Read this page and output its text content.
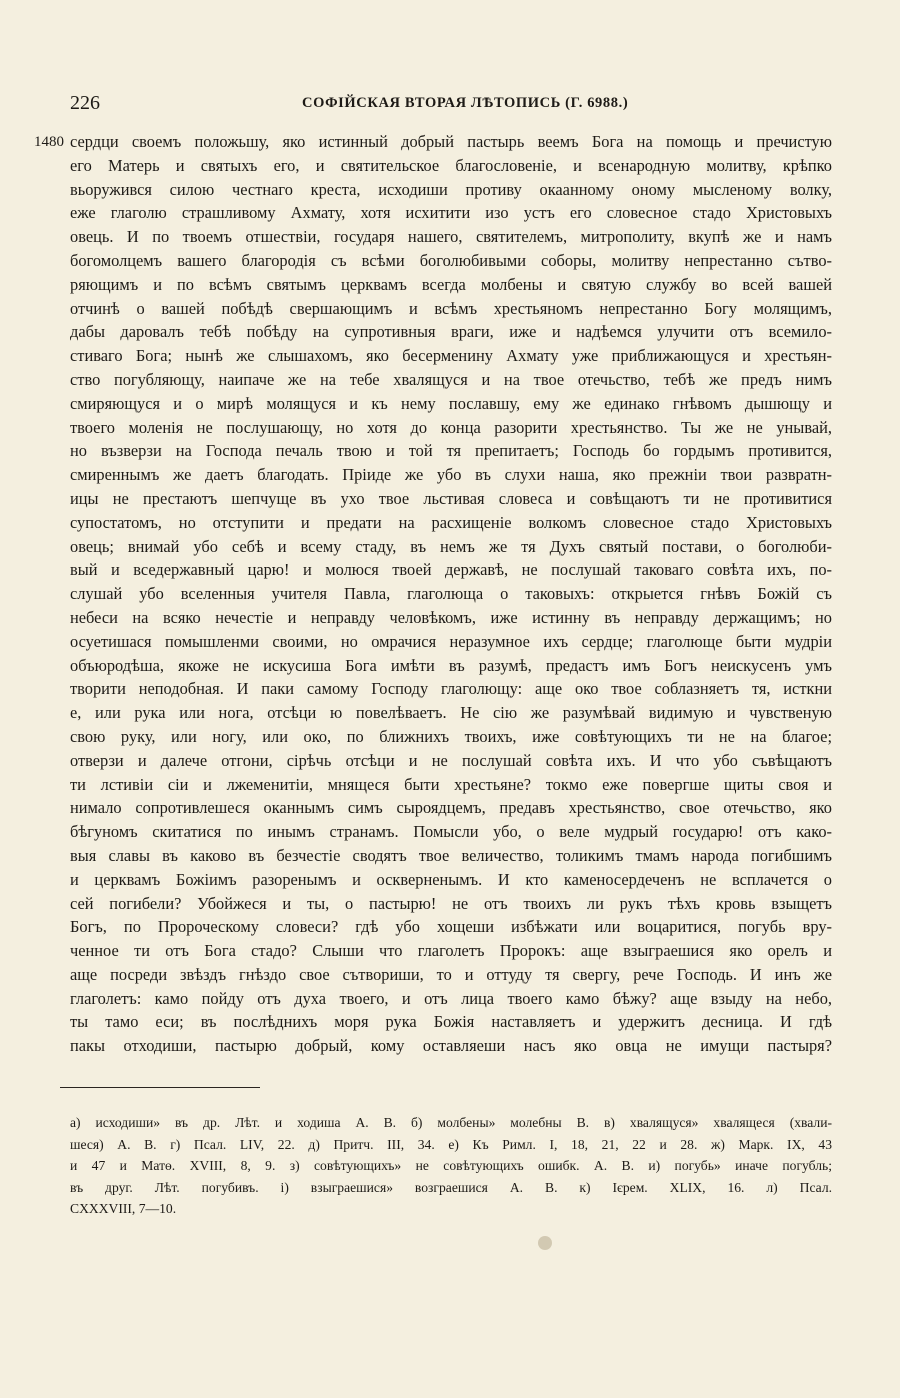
226	СОФІЙСКАЯ ВТОРАЯ ЛѢТОПИСЬ (Г. 6988.)
1480 сердци своемъ положьшу, яко истинный добрый пастырь веемъ Бога на помощь и пречистую
его Матерь и святыхъ его, и святительское благословеніе, и всенародную молитву, крѣпко
вьоружився силою честнаго креста, исходиши противу окаанному оному мысленому волку,
еже глаголю страшливому Ахмату, хотя исхитити изо устъ его словесное стадо Христовыхъ
овець. И по твоемъ отшествіи, государя нашего, святителемъ, митрополиту, вкупѣ же и намъ
богомолцемъ вашего благородія съ всѣми боголюбивыми соборы, молитву непрестанно сътво-
ряющимъ и по всѣмъ святымъ церквамъ всегда молбены и святую службу во всей вашей
отчинѣ о вашей побѣдѣ свершающимъ и всѣмъ хрестьяномъ непрестанно Богу молящимъ,
дабы даровалъ тебѣ побѣду на супротивныя враги, иже и надѣемся улучити отъ всемило-
стиваго Бога; нынѣ же слышахомъ, яко бесерменину Ахмату уже приближающуся и хрестьян-
ство погубляющу, наипаче же на тебе хвалящуся и на твое отечьство, тебѣ же предъ нимъ
смиряющуся и о мирѣ молящуся и къ нему пославшу, ему же единако гнѣвомъ дышющу и
твоего моленія не послушающу, но хотя до конца разорити хрестьянство. Ты же не унывай,
но възверзи на Господа печаль твою и той тя препитаетъ; Господь бо гордымъ противится,
смиреннымъ же даетъ благодать. Пріиде же убо въ слухи наша, яко прежніи твои развратн-
ицы не престаютъ шепчуще въ ухо твое льстивая словеса и совѣщаютъ ти не противитися
супостатомъ, но отступити и предати на расхищеніе волкомъ словесное стадо Христовыхъ
овець; внимай убо себѣ и всему стаду, въ немъ же тя Духъ святый постави, о боголюби-
вый и вседержавный царю! и молюся твоей державѣ, не послушай таковаго совѣта ихъ, по-
слушай убо вселенныя учителя Павла, глаголюща о таковыхъ: открыется гнѣвъ Божій съ
небеси на всяко нечестіе и неправду человѣкомъ, иже истинну въ неправду держащимъ; но
осуетишася помышленми своими, но омрачися неразумное ихъ сердце; глаголюще быти мудріи
объюродѣша, якоже не искусиша Бога имѣти въ разумѣ, предастъ имъ Богъ неискусенъ умъ
творити неподобная. И паки самому Господу глаголющу: аще око твое соблазняетъ тя, исткни
е, или рука или нога, отсѣци ю повелѣваетъ. Не сію же разумѣвай видимую и чувственую
свою руку, или ногу, или око, по ближнихъ твоихъ, иже совѣтующихъ ти не на благое;
отверзи и далече отгони, сірѣчь отсѣци и не послушай совѣта ихъ. И что убо съвѣщаютъ
ти лстивіи сіи и лжеменитіи, мнящеся быти хрестьяне? токмо еже повергше щиты своя и
нимало сопротивлешеся оканнымъ симъ сыроядцемъ, предавъ хрестьянство, свое отечьство, яко
бѣгуномъ скитатися по инымъ странамъ. Помысли убо, о веле мудрый государю! отъ како-
выя славы въ каково въ безчестіе сводятъ твое величество, толикимъ тмамъ народа погибшимъ
и церквамъ Божіимъ разоренымъ и оскверненымъ. И кто каменосердеченъ не всплачется о
сей погибели? Убойжеся и ты, о пастырю! не отъ твоихъ ли рукъ тѣхъ кровь взыщетъ
Богъ, по Пророческому словеси? гдѣ убо хощеши избѣжати или воцаритися, погубь вру-
ченное ти отъ Бога стадо? Слыши что глаголетъ Пророкъ: аще взыграешися яко орелъ и
аще посреди звѣздъ гнѣздо свое сътвориши, то и оттуду тя свергу, рече Господь. И инъ же
глаголетъ: камо пойду отъ духа твоего, и отъ лица твоего камо бѣжу? аще взыду на небо,
ты тамо еси; въ послѣднихъ моря рука Божія наставляетъ и удержитъ десница. И гдѣ
пакы отходиши, пастырю добрый, кому оставляеши насъ яко овца не имущи пастыря?
а) исходиши» въ др. Лѣт. и ходиша А. В. б) молбены» молебны В. в) хвалящуся» хвалящеся (хвали-
шеся) А. В. г) Псал. LIV, 22. д) Притч. III, 34. е) Къ Римл. I, 18, 21, 22 и 28. ж) Марк. IX, 43
и 47 и Матѳ. XVIII, 8, 9. з) совѣтующихъ» не совѣтующихъ ошибк. А. В. и) погубь» иначе погубль;
въ друг. Лѣт. погубивъ. і) взыграешися» возграешися А. В. к) Ієрем. XLIX, 16. л) Псал.
CXXXVIII, 7—10.
